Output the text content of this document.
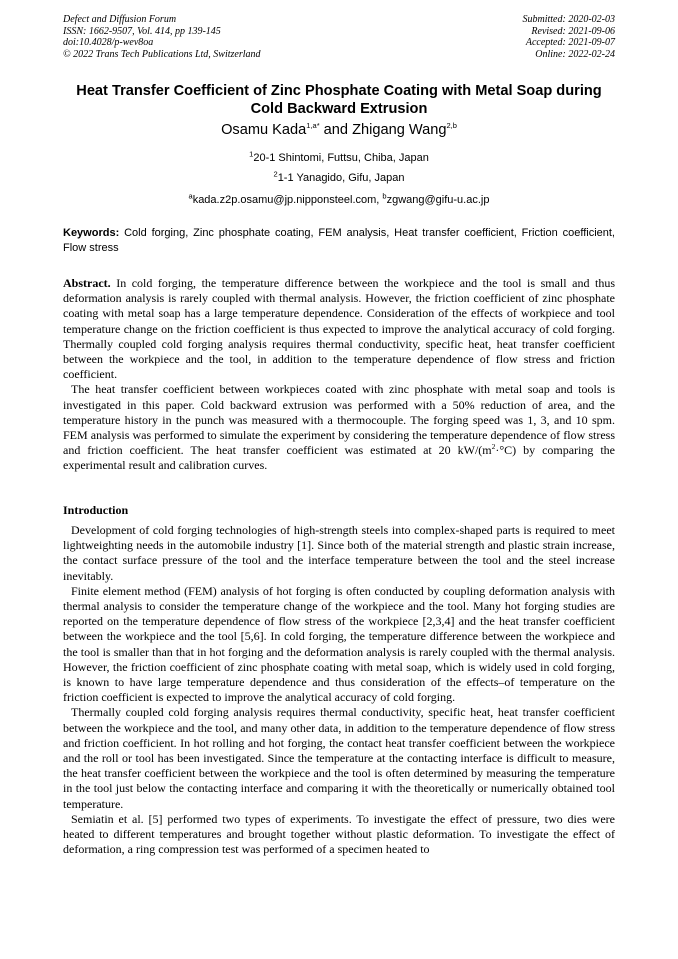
Defect and Diffusion Forum
ISSN: 1662-9507, Vol. 414, pp 139-145
doi:10.4028/p-wev8oa
© 2022 Trans Tech Publications Ltd, Switzerland
Submitted: 2020-02-03
Revised: 2021-09-06
Accepted: 2021-09-07
Online: 2022-02-24
Heat Transfer Coefficient of Zinc Phosphate Coating with Metal Soap during Cold Backward Extrusion
Osamu Kada$^{1,a*}$ and Zhigang Wang$^{2,b}$
$^1$20-1 Shintomi, Futtsu, Chiba, Japan
$^2$1-1 Yanagido, Gifu, Japan
$^a$kada.z2p.osamu@jp.nipponsteel.com, $^b$zgwang@gifu-u.ac.jp
Keywords: Cold forging, Zinc phosphate coating, FEM analysis, Heat transfer coefficient, Friction coefficient, Flow stress

Abstract. In cold forging, the temperature difference between the workpiece and the tool is small and thus deformation analysis is rarely coupled with thermal analysis. However, the friction coefficient of zinc phosphate coating with metal soap has a large temperature dependence. Consideration of the effects of workpiece and tool temperature change on the friction coefficient is thus expected to improve the analytical accuracy of cold forging. Thermally coupled cold forging analysis requires thermal conductivity, specific heat, heat transfer coefficient between the workpiece and the tool, in addition to the temperature dependence of flow stress and friction coefficient.

The heat transfer coefficient between workpieces coated with zinc phosphate with metal soap and tools is investigated in this paper. Cold backward extrusion was performed with a 50% reduction of area, and the temperature history in the punch was measured with a thermocouple. The forging speed was 1, 3, and 10 spm. FEM analysis was performed to simulate the experiment by considering the temperature dependence of flow stress and friction coefficient. The heat transfer coefficient was estimated at 20 $kW/(m^2\cdot^\circ C)$ by comparing the experimental result and calibration curves.

Introduction

Development of cold forging technologies of high-strength steels into complex-shaped parts is required to meet lightweighting needs in the automobile industry [1]. Since both of the material strength and plastic strain increase, the contact surface pressure of the tool and the interface temperature between the tool and the steel increase inevitably.

Finite element method (FEM) analysis of hot forging is often conducted by coupling deformation analysis with thermal analysis to consider the temperature change of the workpiece and the tool. Many hot forging studies are reported on the temperature dependence of flow stress of the workpiece [2,3,4] and the heat transfer coefficient between the workpiece and the tool [5,6]. In cold forging, the temperature difference between the workpiece and the tool is smaller than that in hot forging and the deformation analysis is rarely coupled with the thermal analysis. However, the friction coefficient of zinc phosphate coating with metal soap, which is widely used in cold forging, is known to have large temperature dependence and thus consideration of the effects–of temperature on the friction coefficient is expected to improve the analytical accuracy of cold forging.

Thermally coupled cold forging analysis requires thermal conductivity, specific heat, heat transfer coefficient between the workpiece and the tool, and many other data, in addition to the temperature dependence of flow stress and friction coefficient. In hot rolling and hot forging, the contact heat transfer coefficient between the workpiece and the roll or tool has been investigated. Since the temperature at the contacting interface is difficult to measure, the heat transfer coefficient between the workpiece and the tool is often determined by measuring the temperature in the tool just below the contacting interface and comparing it with the theoretically or numerically obtained tool temperature.

Semiatin et al. [5] performed two types of experiments. To investigate the effect of pressure, two dies were heated to different temperatures and brought together without plastic deformation. To investigate the effect of deformation, a ring compression test was performed of a specimen heated to
